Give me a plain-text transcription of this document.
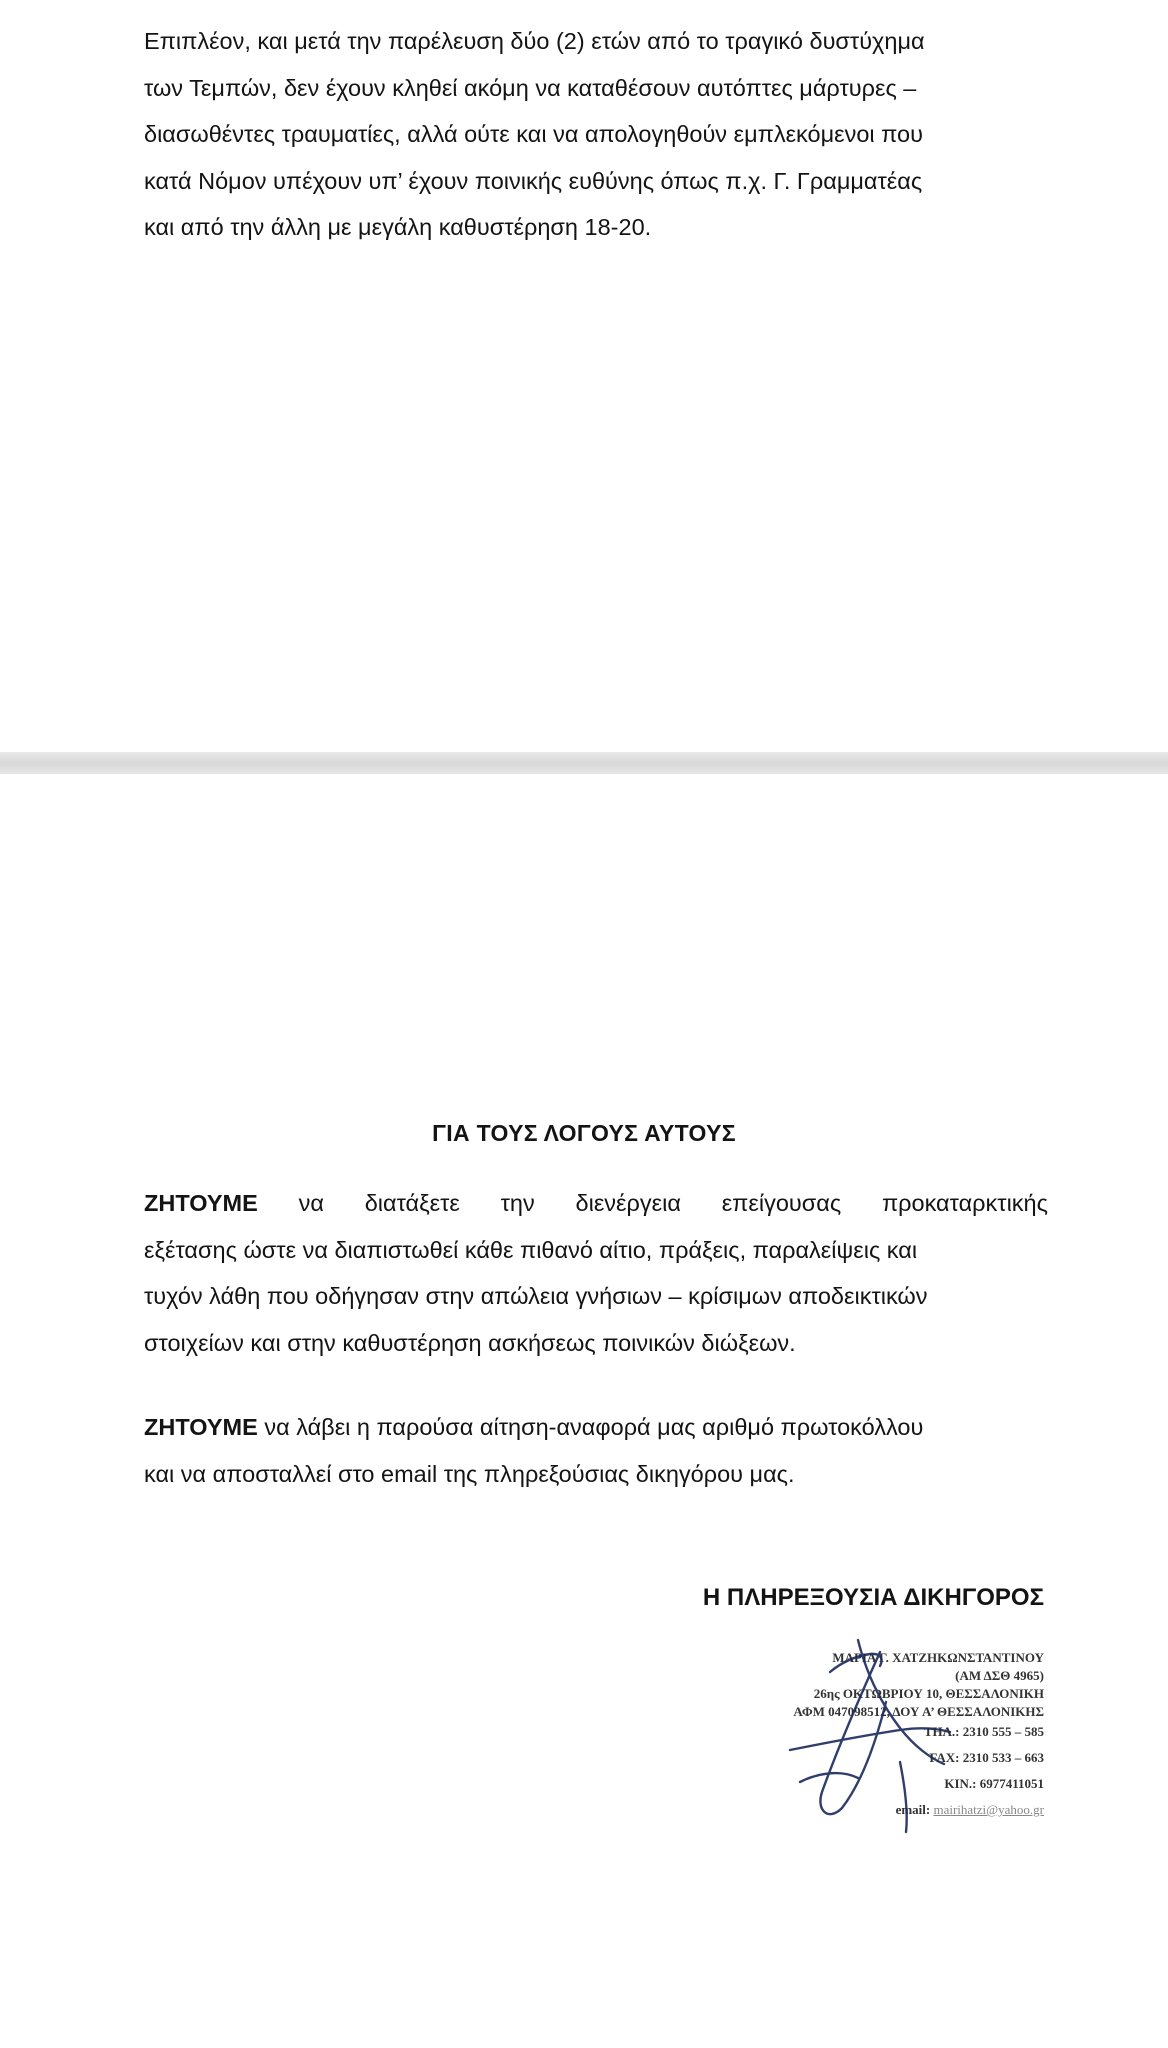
Επιπλέον, και μετά την παρέλευση δύο (2) ετών από το τραγικό δυστύχημα
των Τεμπών, δεν έχουν κληθεί ακόμη να καταθέσουν αυτόπτες μάρτυρες –
διασωθέντες τραυματίες, αλλά ούτε και να απολογηθούν εμπλεκόμενοι που
κατά Νόμον υπέχουν υπ’ έχουν ποινικής ευθύνης όπως π.χ. Γ. Γραμματέας
και από την άλλη με μεγάλη καθυστέρηση 18-20.
ΓΙΑ ΤΟΥΣ ΛΟΓΟΥΣ ΑΥΤΟΥΣ
ΖΗΤΟΥΜΕ να διατάξετε την διενέργεια επείγουσας προκαταρκτικής
εξέτασης ώστε να διαπιστωθεί κάθε πιθανό αίτιο, πράξεις, παραλείψεις και
τυχόν λάθη που οδήγησαν στην απώλεια γνήσιων – κρίσιμων αποδεικτικών
στοιχείων και στην καθυστέρηση ασκήσεως ποινικών διώξεων.
ΖΗΤΟΥΜΕ να λάβει η παρούσα αίτηση-αναφορά μας αριθμό πρωτοκόλλου
και να αποσταλλεί στο email της πληρεξούσιας δικηγόρου μας.

Η ΠΛΗΡΕΞΟΥΣΙΑ ΔΙΚΗΓΟΡΟΣ

ΜΑΡΙΑ Γ. ΧΑΤΖΗΚΩΝΣΤΑΝΤΙΝΟΥ
(ΑΜ ΔΣΘ 4965)
26ης ΟΚΤΩΒΡΙΟΥ 10, ΘΕΣΣΑΛΟΝΙΚΗ
ΑΦΜ 047098512, ΔΟΥ Α’ ΘΕΣΣΑΛΟΝΙΚΗΣ
ΤΗΛ.: 2310 555 – 585
FAX: 2310 533 – 663
ΚΙΝ.: 6977411051
email: mairihatzi@yahoo.gr
